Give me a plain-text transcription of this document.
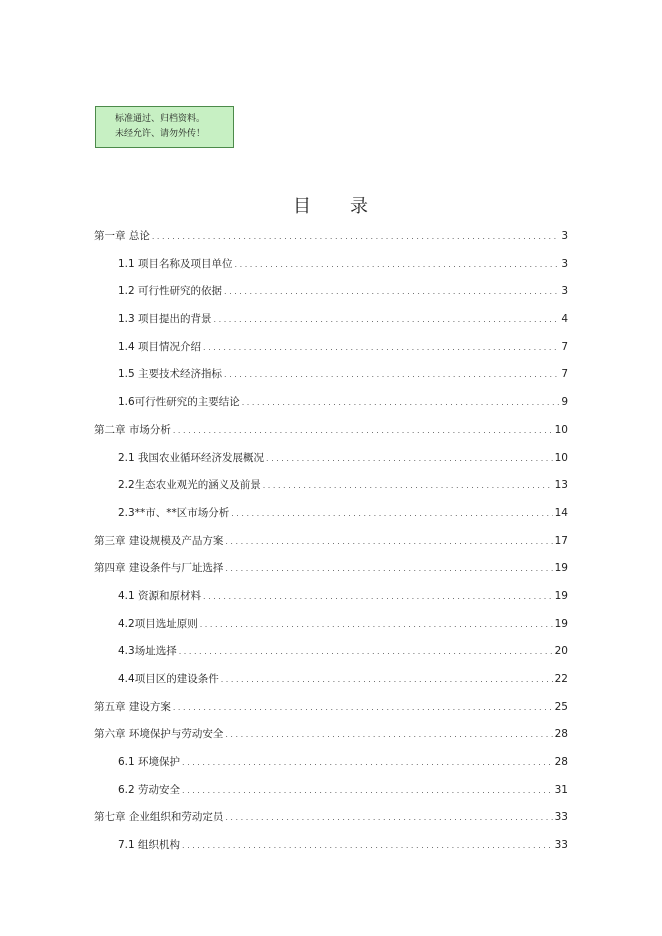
标准通过、归档资料。
未经允许、请勿外传！
目 录
第一章 总论 . . .	3
1.1 项目名称及项目单位 . . .	3
1.2 可行性研究的依据 . . .	3
1.3 项目提出的背景 . . .	4
1.4 项目情况介绍 . . .	7
1.5 主要技术经济指标 . . .	7
1.6可行性研究的主要结论 . . .	9
第二章 市场分析 . . .	10
2.1 我国农业循环经济发展概况 . . .	10
2.2生态农业观光的涵义及前景 . . .	13
2.3**市、**区市场分析 . . .	14
第三章 建设规模及产品方案 . . .	17
第四章 建设条件与厂址选择 . . .	19
4.1 资源和原材料 . . .	19
4.2项目选址原则 . . .	19
4.3场址选择 . . .	20
4.4项目区的建设条件 . . .	22
第五章 建设方案 . . .	25
第六章 环境保护与劳动安全 . . .	28
6.1 环境保护 . . .	28
6.2 劳动安全 . . .	31
第七章 企业组织和劳动定员 . . .	33
7.1 组织机构 . . .	33
